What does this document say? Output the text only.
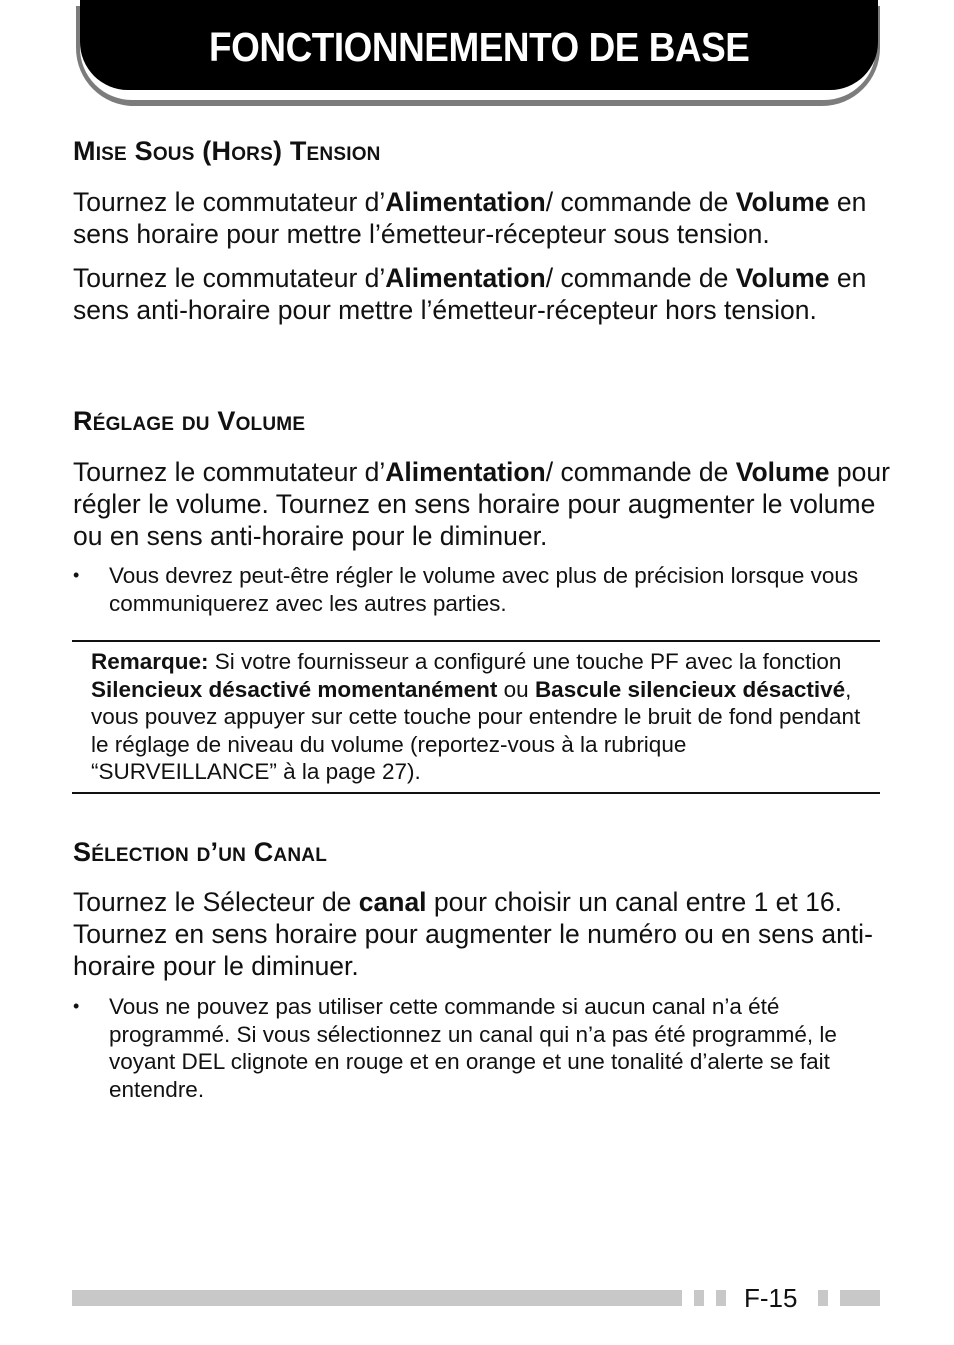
FONCTIONNEMENTO DE BASE
Mise Sous (Hors) Tension

Tournez le commutateur d’Alimentation/ commande de Volume en sens horaire pour mettre l’émetteur-récepteur sous tension.

Tournez le commutateur d’Alimentation/ commande de Volume en sens anti-horaire pour mettre l’émetteur-récepteur hors tension.

Réglage du Volume

Tournez le commutateur d’Alimentation/ commande de Volume pour régler le volume. Tournez en sens horaire pour augmenter le volume ou en sens anti-horaire pour le diminuer.

• Vous devrez peut-être régler le volume avec plus de précision lorsque vous communiquerez avec les autres parties.
Remarque: Si votre fournisseur a configuré une touche PF avec la fonction Silencieux désactivé momentanément ou Bascule silencieux désactivé, vous pouvez appuyer sur cette touche pour entendre le bruit de fond pendant le réglage de niveau du volume (reportez-vous à la rubrique “SURVEILLANCE” à la page 27).
Sélection d’un Canal

Tournez le Sélecteur de canal pour choisir un canal entre 1 et 16. Tournez en sens horaire pour augmenter le numéro ou en sens anti-horaire pour le diminuer.

• Vous ne pouvez pas utiliser cette commande si aucun canal n’a été programmé. Si vous sélectionnez un canal qui n’a pas été programmé, le voyant DEL clignote en rouge et en orange et une tonalité d’alerte se fait entendre.
F-15
